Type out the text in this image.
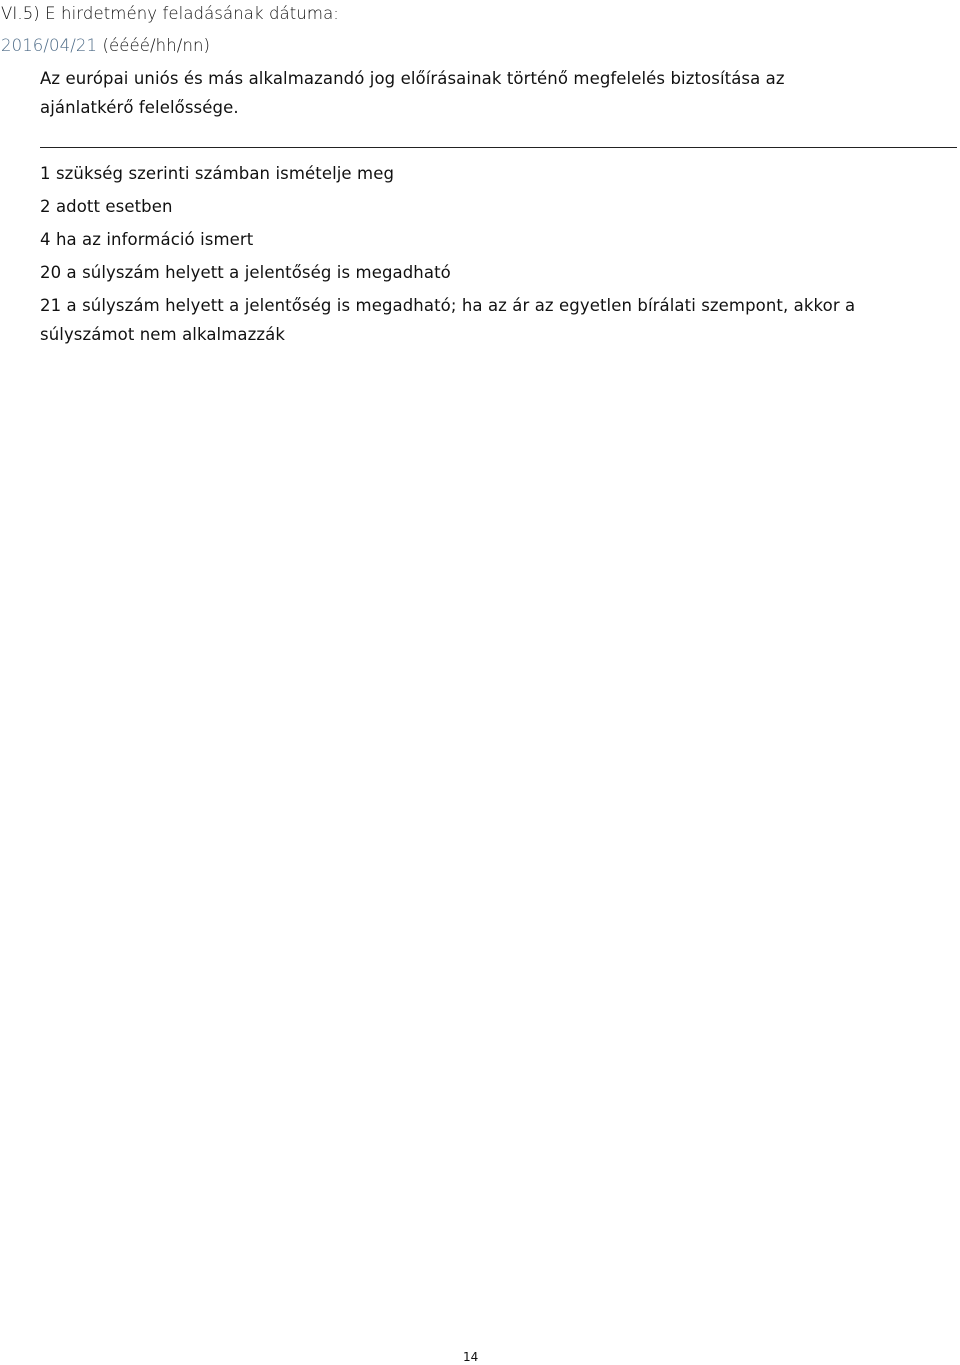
VI.5) E hirdetmény feladásának dátuma:
2016/04/21 (éééé/hh/nn)
Az európai uniós és más alkalmazandó jog előírásainak történő megfelelés biztosítása az
ajánlatkérő felelőssége.
1 szükség szerinti számban ismételje meg
2 adott esetben
4 ha az információ ismert
20 a súlyszám helyett a jelentőség is megadható
21 a súlyszám helyett a jelentőség is megadható; ha az ár az egyetlen bírálati szempont, akkor a
súlyszámot nem alkalmazzák
14
